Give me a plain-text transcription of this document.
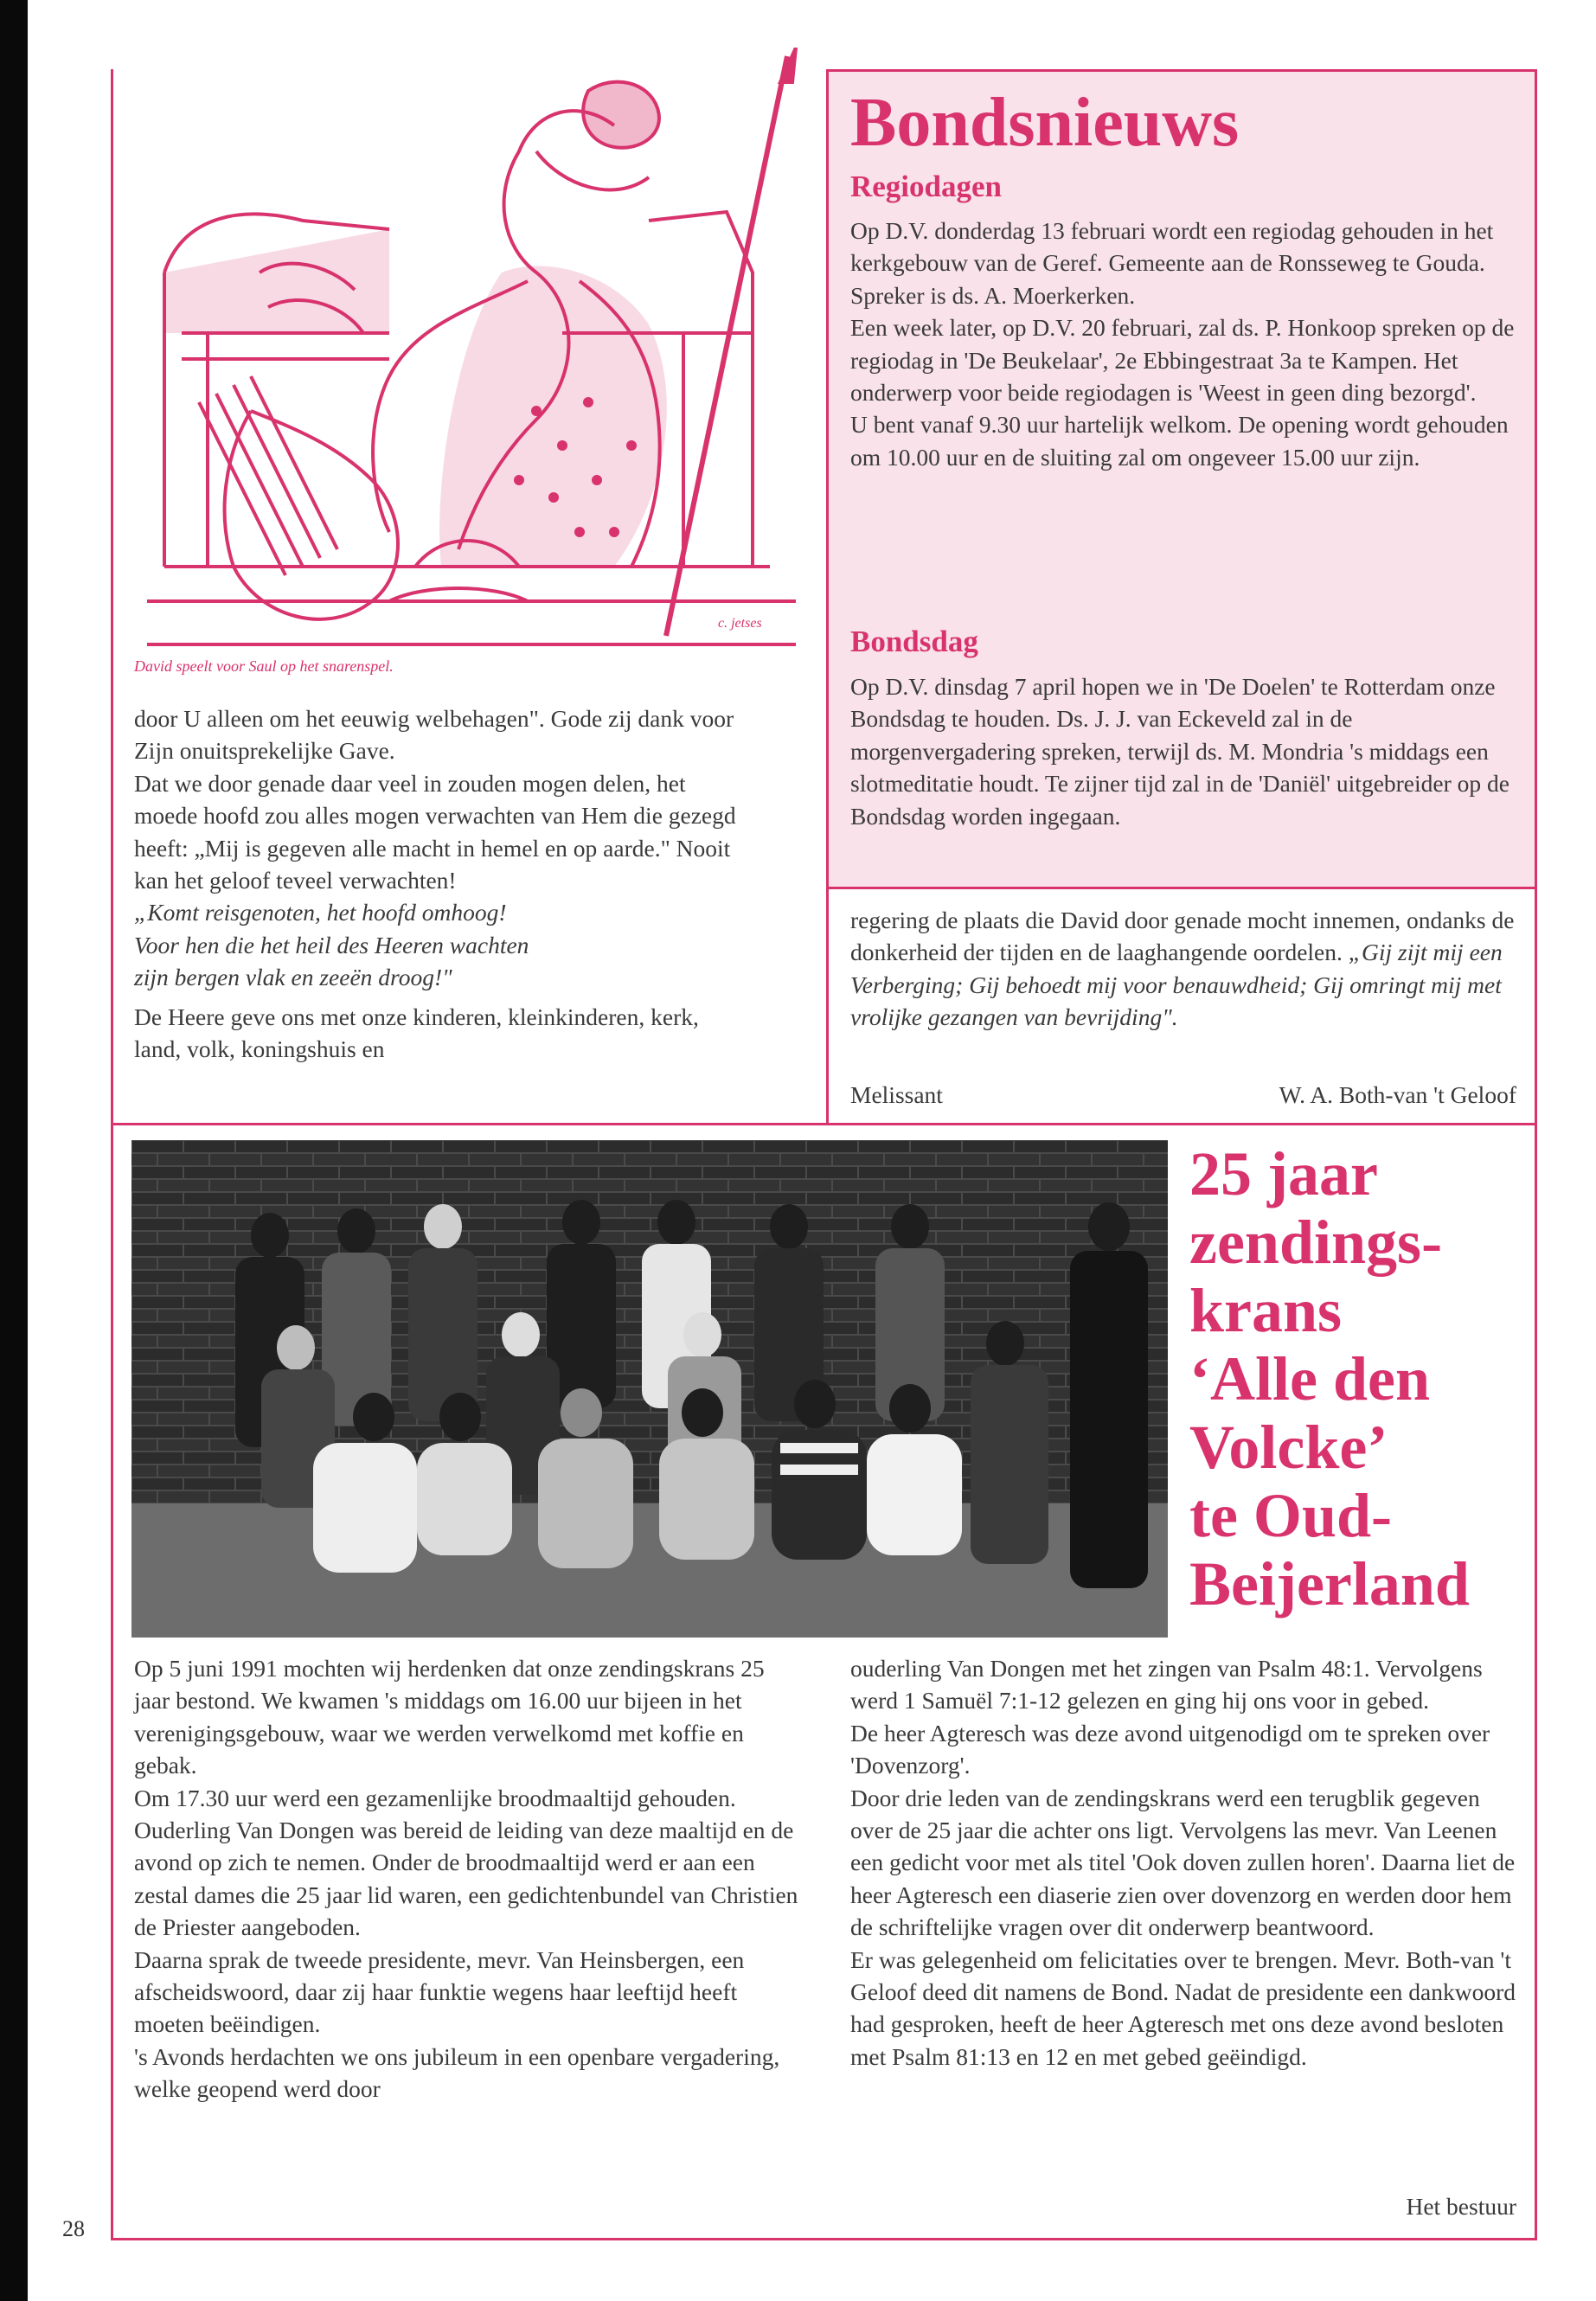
c. jetses

David speelt voor Saul op het snarenspel.

door U alleen om het eeuwig welbehagen". Gode zij dank voor Zijn onuitsprekelijke Gave.

Dat we door genade daar veel in zouden mogen delen, het moede hoofd zou alles mogen verwachten van Hem die gezegd heeft: „Mij is gegeven alle macht in hemel en op aarde." Nooit kan het geloof teveel verwachten!

„Komt reisgenoten, het hoofd omhoog!

Voor hen die het heil des Heeren wachten

zijn bergen vlak en zeeën droog!"

De Heere geve ons met onze kinderen, kleinkinderen, kerk, land, volk, koningshuis en

Bondsnieuws
Regiodagen

Op D.V. donderdag 13 februari wordt een regiodag gehouden in het kerkgebouw van de Geref. Gemeente aan de Ronsseweg te Gouda. Spreker is ds. A. Moerkerken.

Een week later, op D.V. 20 februari, zal ds. P. Honkoop spreken op de regiodag in 'De Beukelaar', 2e Ebbingestraat 3a te Kampen. Het onderwerp voor beide regiodagen is 'Weest in geen ding bezorgd'.

U bent vanaf 9.30 uur hartelijk welkom. De opening wordt gehouden om 10.00 uur en de sluiting zal om ongeveer 15.00 uur zijn.

Bondsdag

Op D.V. dinsdag 7 april hopen we in 'De Doelen' te Rotterdam onze Bondsdag te houden. Ds. J. J. van Eckeveld zal in de morgenvergadering spreken, terwijl ds. M. Mondria 's middags een slotmeditatie houdt. Te zijner tijd zal in de 'Daniël' uitgebreider op de Bondsdag worden ingegaan.

regering de plaats die David door genade mocht innemen, ondanks de donkerheid der tijden en de laaghangende oordelen. „Gij zijt mij een Verberging; Gij behoedt mij voor benauwdheid; Gij omringt mij met vrolijke gezangen van bevrijding".

Melissant	W. A. Both-van 't Geloof

25 jaar
zendings-
krans
‘Alle den
Volcke’
te Oud-
Beijerland

Op 5 juni 1991 mochten wij herdenken dat onze zendingskrans 25 jaar bestond. We kwamen 's middags om 16.00 uur bijeen in het verenigingsgebouw, waar we werden verwelkomd met koffie en gebak.

Om 17.30 uur werd een gezamenlijke broodmaaltijd gehouden. Ouderling Van Dongen was bereid de leiding van deze maaltijd en de avond op zich te nemen. Onder de broodmaaltijd werd er aan een zestal dames die 25 jaar lid waren, een gedichtenbundel van Christien de Priester aangeboden.

Daarna sprak de tweede presidente, mevr. Van Heinsbergen, een afscheidswoord, daar zij haar funktie wegens haar leeftijd heeft moeten beëindigen.

's Avonds herdachten we ons jubileum in een openbare vergadering, welke geopend werd door

ouderling Van Dongen met het zingen van Psalm 48:1. Vervolgens werd 1 Samuël 7:1-12 gelezen en ging hij ons voor in gebed.

De heer Agteresch was deze avond uitgenodigd om te spreken over 'Dovenzorg'.

Door drie leden van de zendingskrans werd een terugblik gegeven over de 25 jaar die achter ons ligt. Vervolgens las mevr. Van Leenen een gedicht voor met als titel 'Ook doven zullen horen'. Daarna liet de heer Agteresch een diaserie zien over dovenzorg en werden door hem de schriftelijke vragen over dit onderwerp beantwoord.

Er was gelegenheid om felicitaties over te brengen. Mevr. Both-van 't Geloof deed dit namens de Bond. Nadat de presidente een dankwoord had gesproken, heeft de heer Agteresch met ons deze avond besloten met Psalm 81:13 en 12 en met gebed geëindigd.

Het bestuur

28
